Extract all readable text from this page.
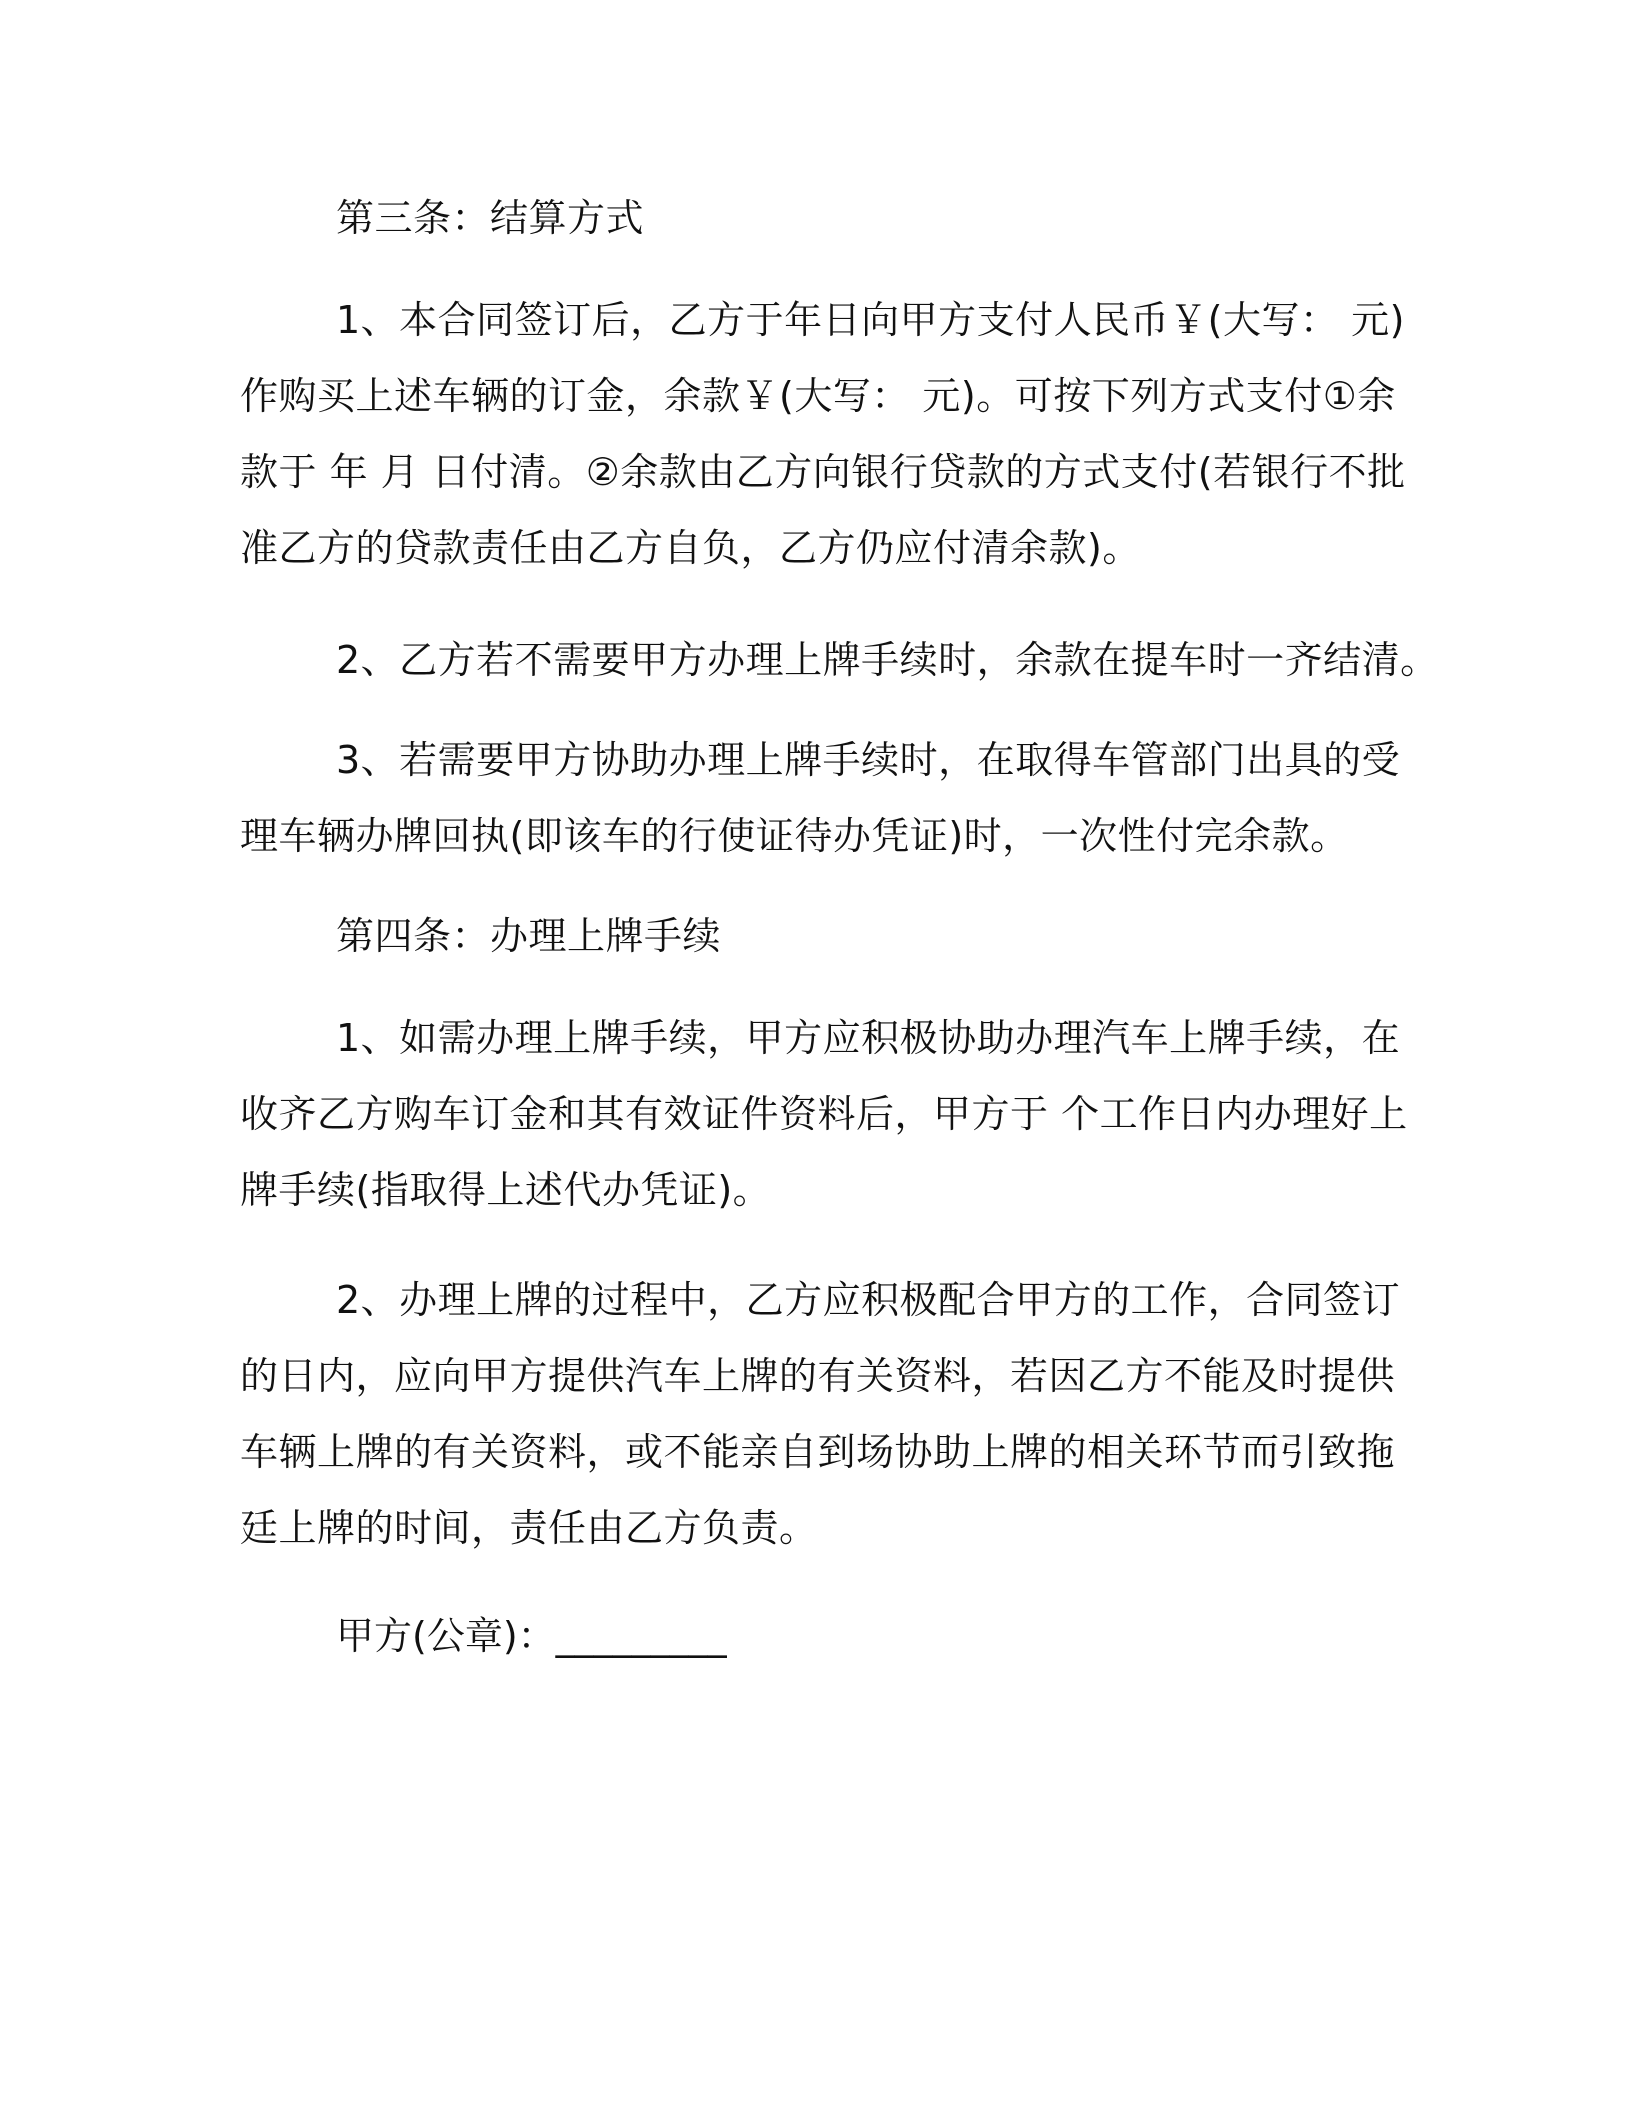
第三条：结算方式
1、本合同签订后，乙方于年日向甲方支付人民币￥(大写： 元)
作购买上述车辆的订金，余款￥(大写： 元)。可按下列方式支付①余
款于 年 月 日付清。②余款由乙方向银行贷款的方式支付(若银行不批
准乙方的贷款责任由乙方自负，乙方仍应付清余款)。
2、乙方若不需要甲方办理上牌手续时，余款在提车时一齐结清。
3、若需要甲方协助办理上牌手续时，在取得车管部门出具的受
理车辆办牌回执(即该车的行使证待办凭证)时，一次性付完余款。
第四条：办理上牌手续
1、如需办理上牌手续，甲方应积极协助办理汽车上牌手续，在
收齐乙方购车订金和其有效证件资料后，甲方于 个工作日内办理好上
牌手续(指取得上述代办凭证)。
2、办理上牌的过程中，乙方应积极配合甲方的工作，合同签订
的日内，应向甲方提供汽车上牌的有关资料，若因乙方不能及时提供
车辆上牌的有关资料，或不能亲自到场协助上牌的相关环节而引致拖
廷上牌的时间，责任由乙方负责。
甲方(公章)：_________
